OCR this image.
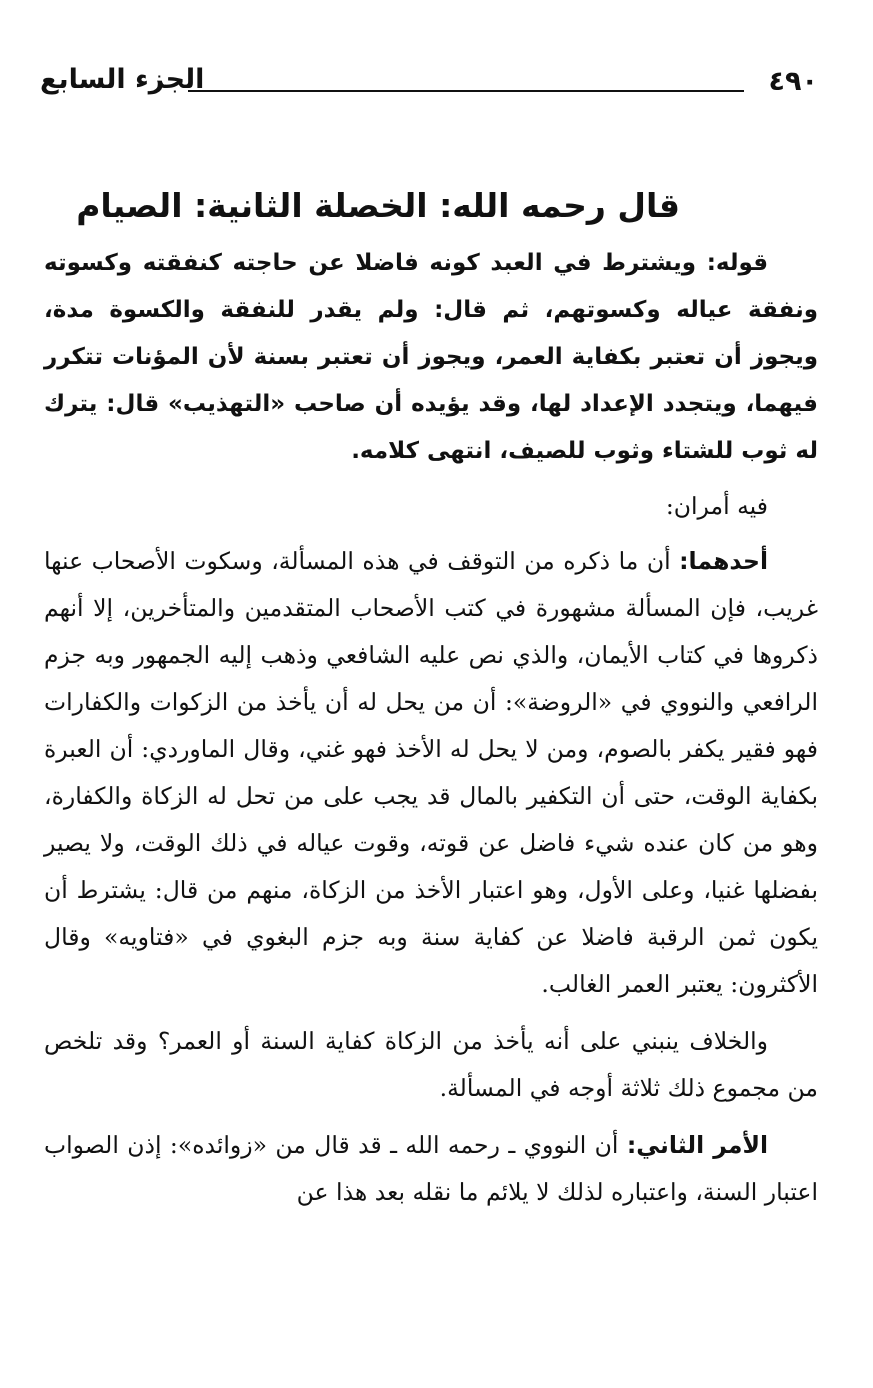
٤٩٠
الجزء السابع
قال رحمه الله: الخصلة الثانية: الصيام

قوله: ويشترط في العبد كونه فاضلا عن حاجته كنفقته وكسوته ونفقة عياله وكسوتهم، ثم قال: ولم يقدر للنفقة والكسوة مدة، ويجوز أن تعتبر بكفاية العمر، ويجوز أن تعتبر بسنة لأن المؤنات تتكرر فيهما، ويتجدد الإعداد لها، وقد يؤيده أن صاحب «التهذيب» قال: يترك له ثوب للشتاء وثوب للصيف، انتهى كلامه.

فيه أمران:

أحدهما: أن ما ذكره من التوقف في هذه المسألة، وسكوت الأصحاب عنها غريب، فإن المسألة مشهورة في كتب الأصحاب المتقدمين والمتأخرين، إلا أنهم ذكروها في كتاب الأيمان، والذي نص عليه الشافعي وذهب إليه الجمهور وبه جزم الرافعي والنووي في «الروضة»: أن من يحل له أن يأخذ من الزكوات والكفارات فهو فقير يكفر بالصوم، ومن لا يحل له الأخذ فهو غني، وقال الماوردي: أن العبرة بكفاية الوقت، حتى أن التكفير بالمال قد يجب على من تحل له الزكاة والكفارة، وهو من كان عنده شيء فاضل عن قوته، وقوت عياله في ذلك الوقت، ولا يصير بفضلها غنيا، وعلى الأول، وهو اعتبار الأخذ من الزكاة، منهم من قال: يشترط أن يكون ثمن الرقبة فاضلا عن كفاية سنة وبه جزم البغوي في «فتاويه» وقال الأكثرون: يعتبر العمر الغالب.

والخلاف ينبني على أنه يأخذ من الزكاة كفاية السنة أو العمر؟ وقد تلخص من مجموع ذلك ثلاثة أوجه في المسألة.

الأمر الثاني: أن النووي ـ رحمه الله ـ قد قال من «زوائده»: إذن الصواب اعتبار السنة، واعتباره لذلك لا يلائم ما نقله بعد هذا عن
